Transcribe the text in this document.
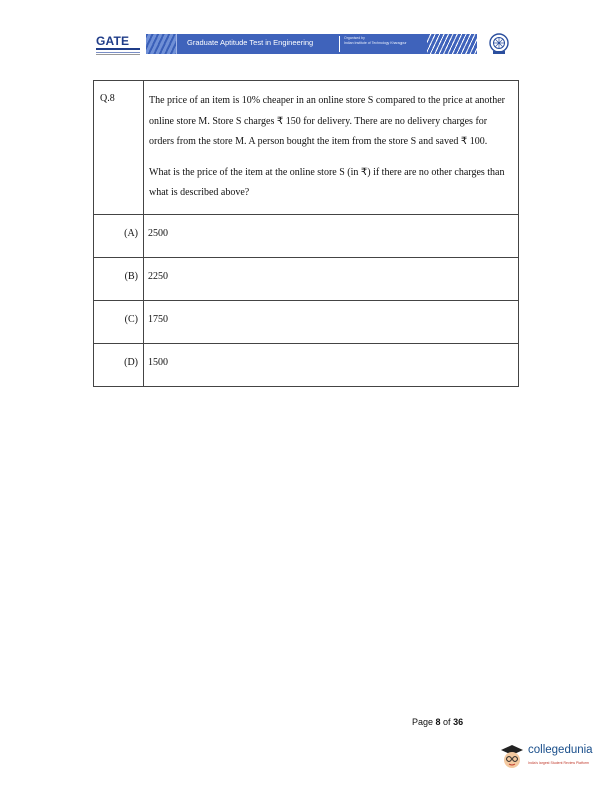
GATE	Graduate Aptitude Test in Engineering	Organised by
Indian Institute of Technology Kharagpur
Q.8	The price of an item is 10% cheaper in an online store S compared to the price at another online store M. Store S charges ₹ 150 for delivery. There are no delivery charges for orders from the store M. A person bought the item from the store S and saved ₹ 100.

What is the price of the item at the online store S (in ₹) if there are no other charges than what is described above?

(A)	2500
(B)	2250
(C)	1750
(D)	1500
Page 8 of 36
collegedunia
India's largest Student Review Platform
